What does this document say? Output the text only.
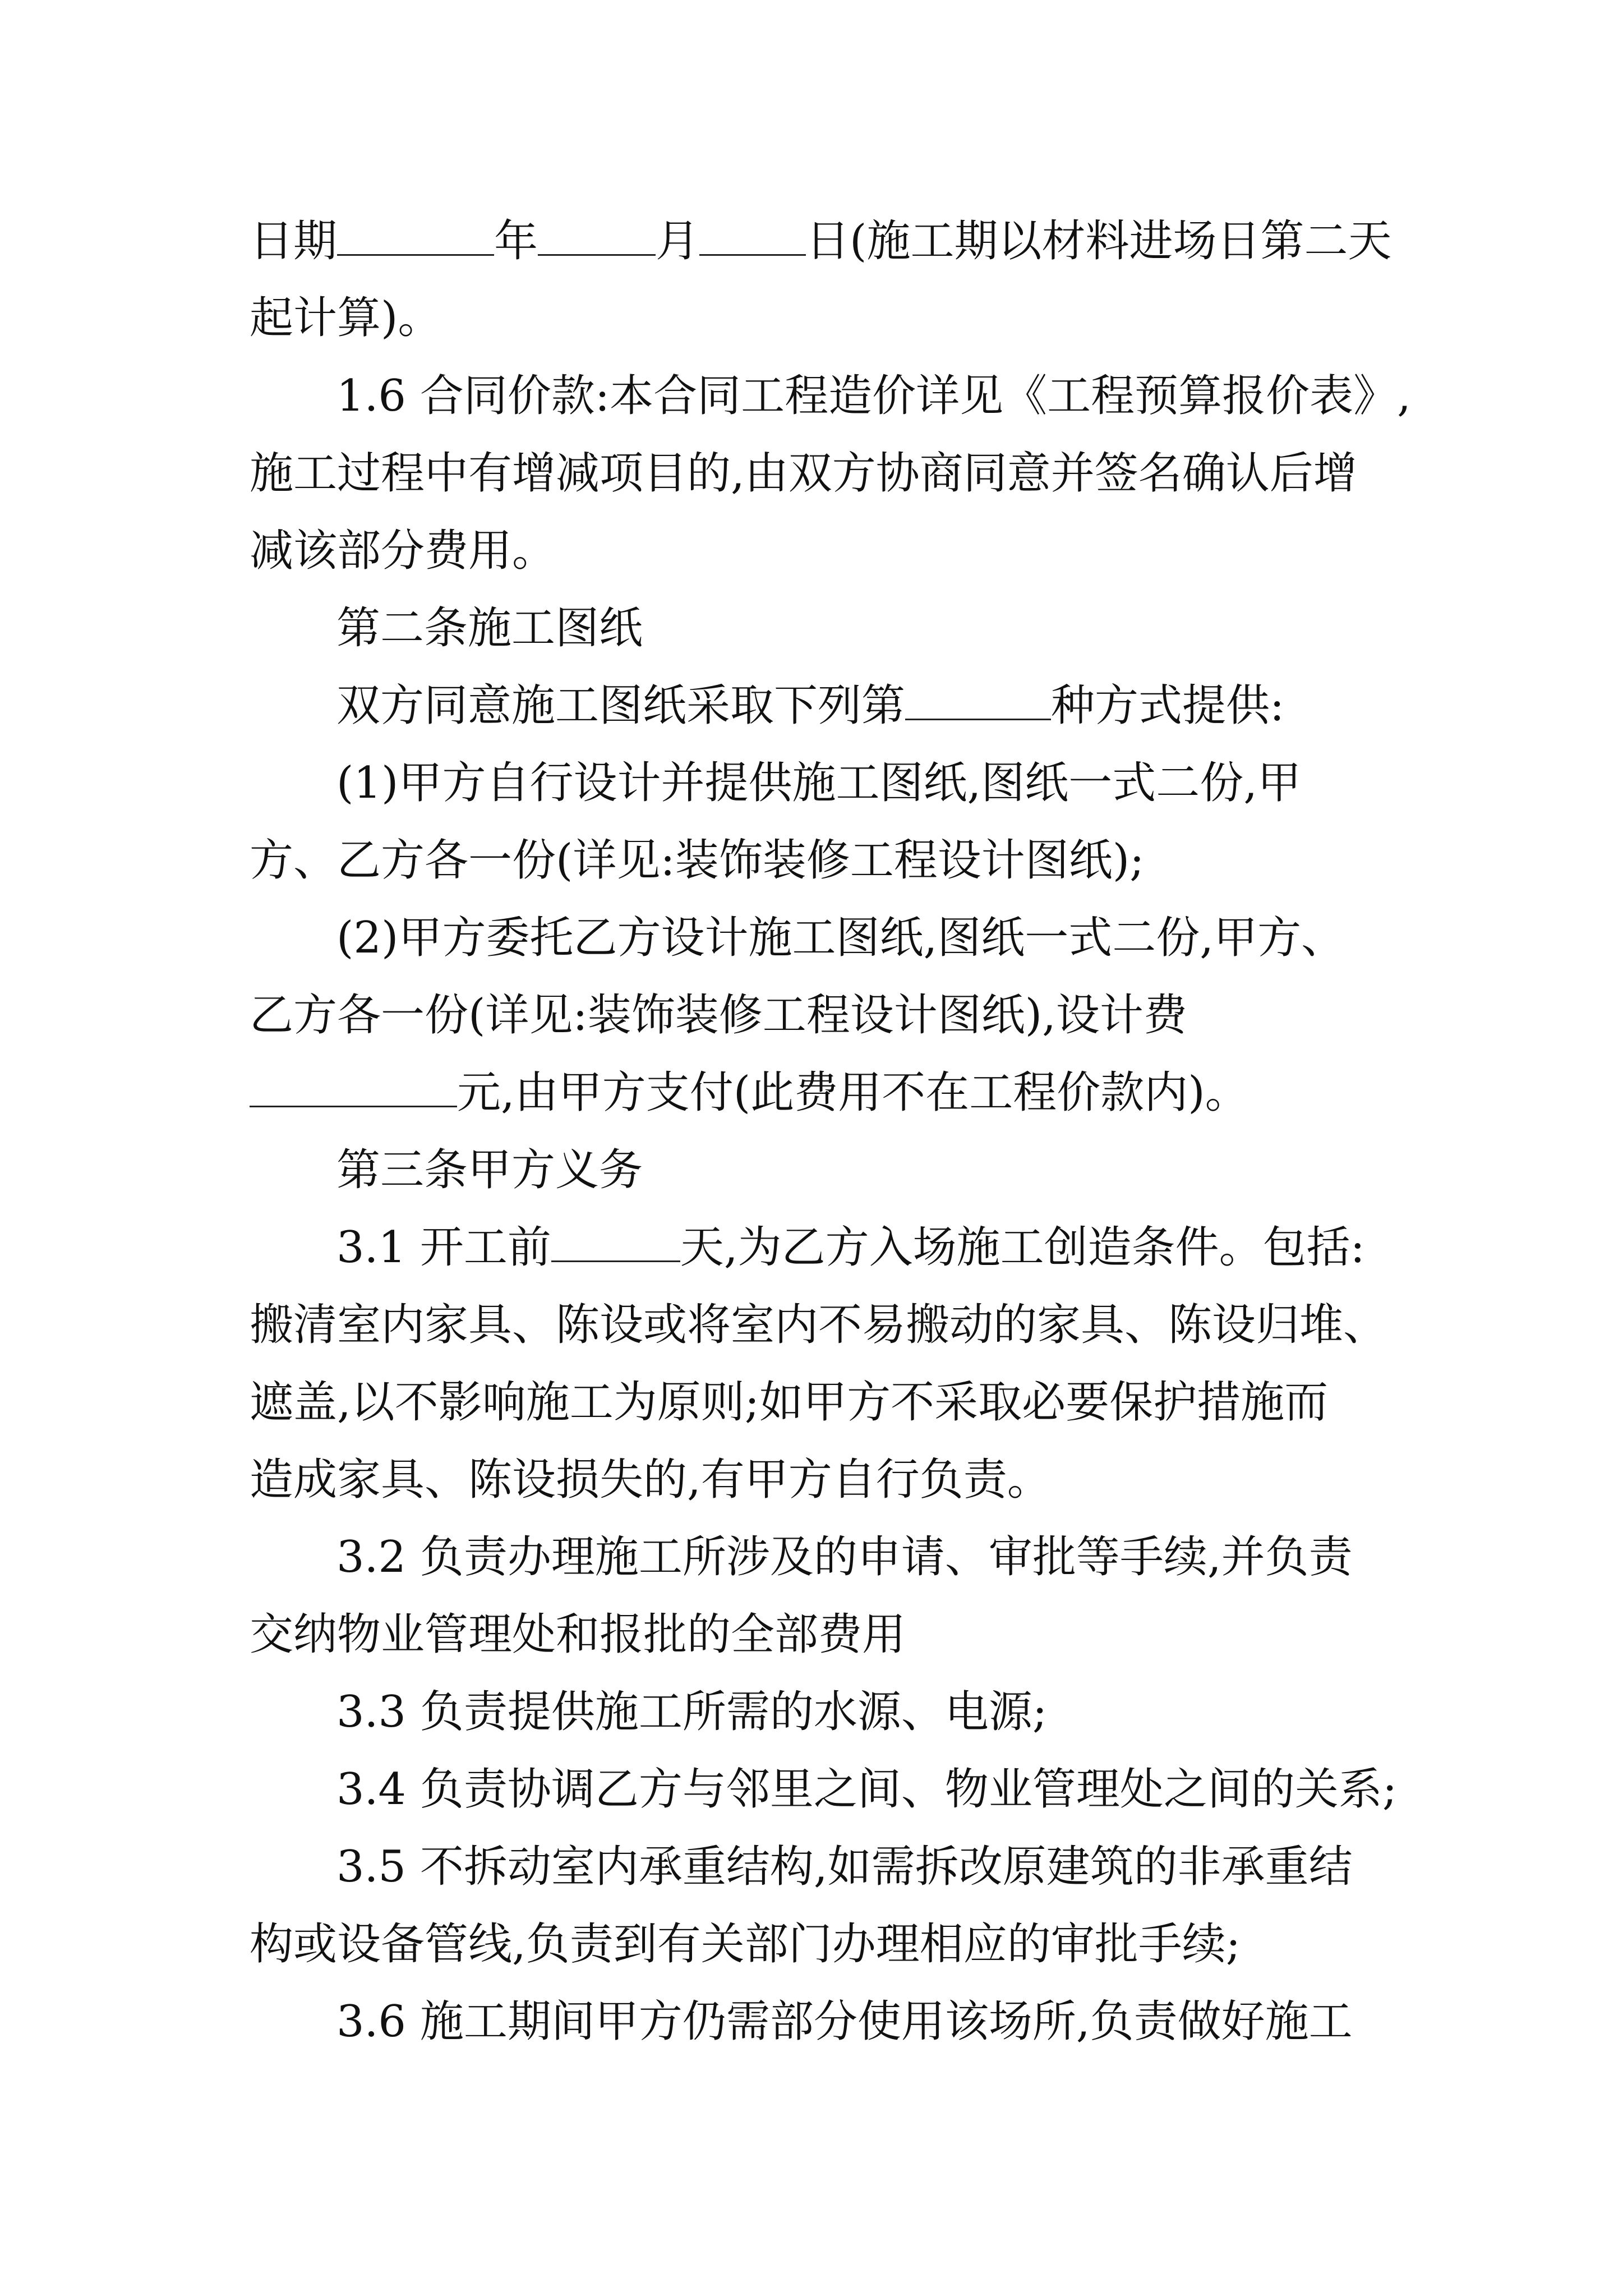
日期	年	月 日(施工期以材料进场日第二天
起计算)。
1.6 合同价款:本合同工程造价详见《工程预算报价表》,
施工过程中有增减项目的,由双方协商同意并签名确认后增
减该部分费用。
第二条施工图纸
双方同意施工图纸采取下列第	种方式提供:
(1)甲方自行设计并提供施工图纸,图纸一式二份,甲
方、乙方各一份(详见:装饰装修工程设计图纸);
(2)甲方委托乙方设计施工图纸,图纸一式二份,甲方、
乙方各一份(详见:装饰装修工程设计图纸),设计费
元,由甲方支付(此费用不在工程价款内)。
第三条甲方义务
3.1 开工前	天,为乙方入场施工创造条件。包括:
搬清室内家具、陈设或将室内不易搬动的家具、陈设归堆、
遮盖,以不影响施工为原则;如甲方不采取必要保护措施而
造成家具、陈设损失的,有甲方自行负责。
3.2 负责办理施工所涉及的申请、审批等手续,并负责
交纳物业管理处和报批的全部费用
3.3 负责提供施工所需的水源、电源;
3.4 负责协调乙方与邻里之间、物业管理处之间的关系;
3.5 不拆动室内承重结构,如需拆改原建筑的非承重结
构或设备管线,负责到有关部门办理相应的审批手续;
3.6 施工期间甲方仍需部分使用该场所,负责做好施工
